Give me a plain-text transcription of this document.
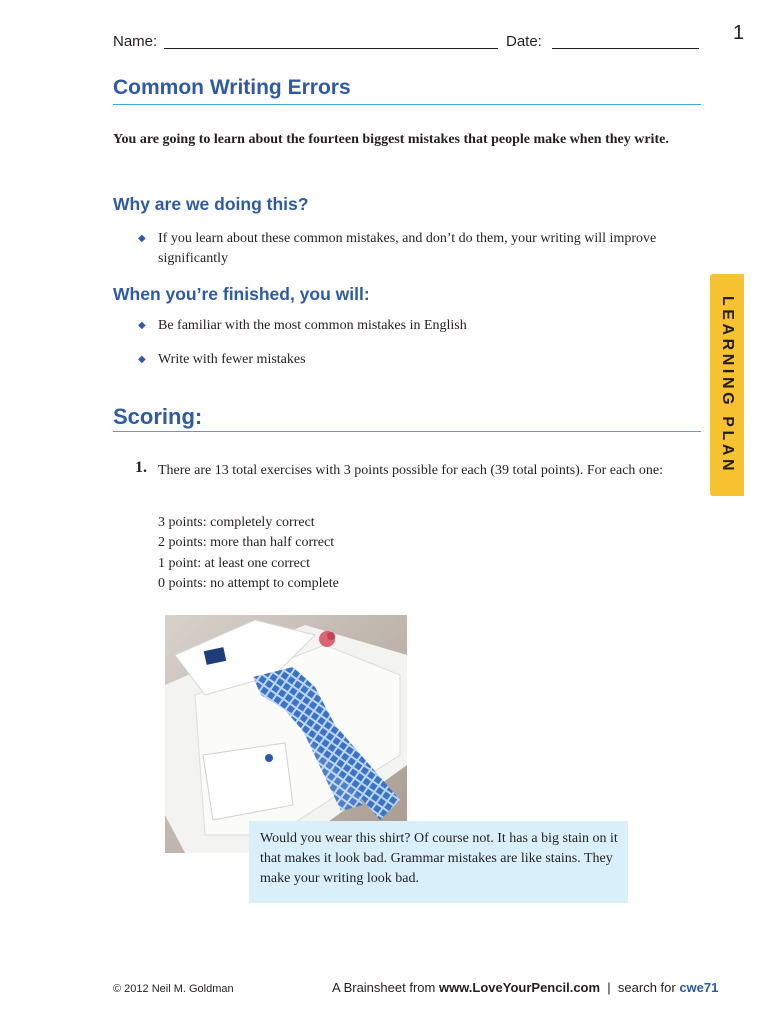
1
Name:	Date:
Common Writing Errors
You are going to learn about the fourteen biggest mistakes that people make when they write.
Why are we doing this?
◆ If you learn about these common mistakes, and don’t do them, your writing will improve significantly
When you’re finished, you will:
◆ Be familiar with the most common mistakes in English
◆ Write with fewer mistakes
Scoring:
1. There are 13 total exercises with 3 points possible for each (39 total points). For each one:
3 points: completely correct
2 points: more than half correct
1 point: at least one correct
0 points: no attempt to complete
LEARNING PLAN
Would you wear this shirt? Of course not. It has a big stain on it that makes it look bad. Grammar mistakes are like stains. They make your writing look bad.
© 2012 Neil M. Goldman	A Brainsheet from www.LoveYourPencil.com | search for cwe71
